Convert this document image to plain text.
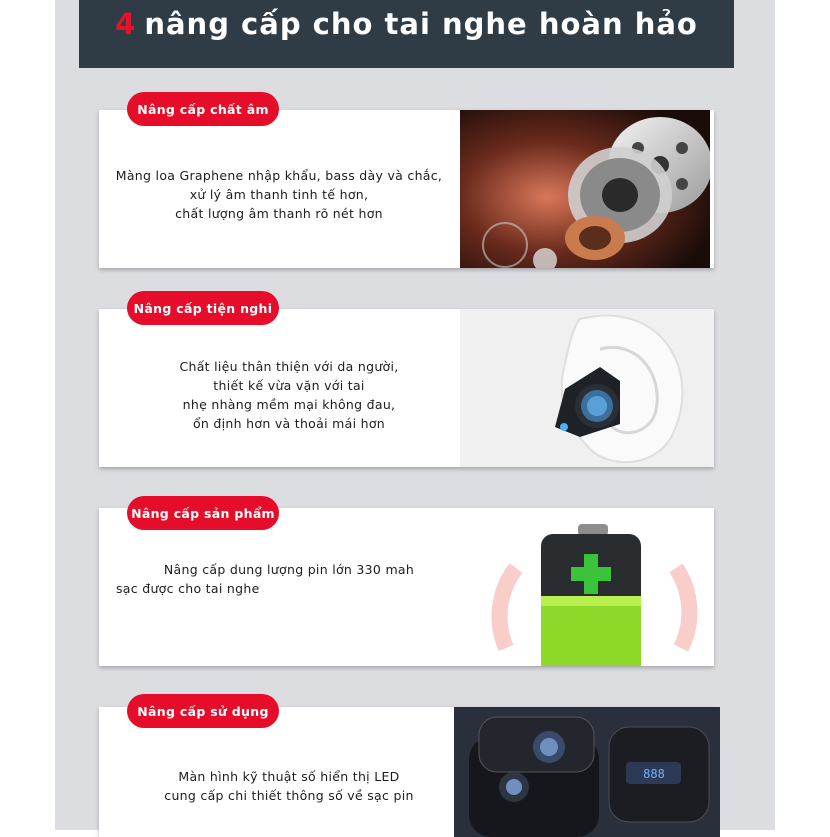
4 nâng cấp cho tai nghe hoàn hảo
Màng loa Graphene nhập khẩu, bass dày và chắc,
xử lý âm thanh tinh tế hơn,
chất lượng âm thanh rõ nét hơn
Nâng cấp chất âm
Chất liệu thân thiện với da người,
thiết kế vừa vặn với tai
nhẹ nhàng mềm mại không đau,
ổn định hơn và thoải mái hơn
Nâng cấp tiện nghi
Nâng cấp dung lượng pin lớn 330 mah
sạc được cho tai nghe
Nâng cấp sản phẩm
Màn hình kỹ thuật số hiển thị LED
cung cấp chi thiết thông số về sạc pin
888
Nâng cấp sử dụng
